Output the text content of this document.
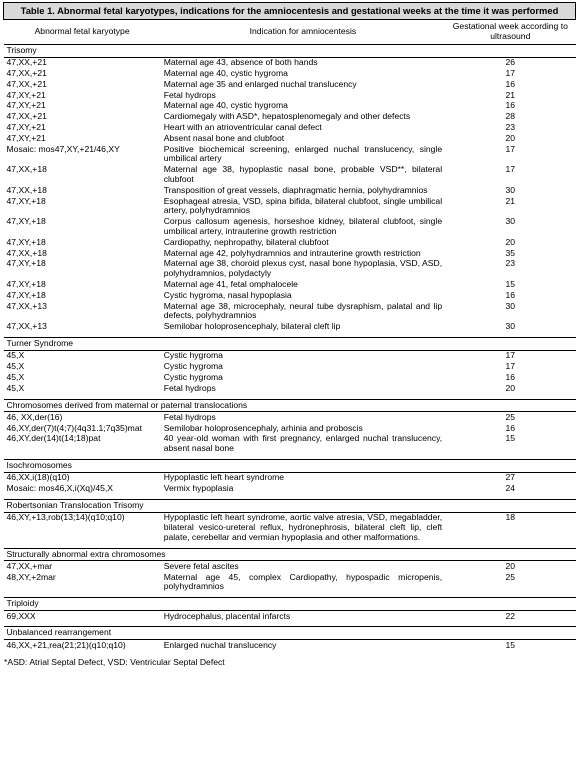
Table 1. Abnormal fetal karyotypes, indications for the amniocentesis and gestational weeks at the time it was performed		
Abnormal fetal karyotype	Indication for amniocentesis	Gestational week according to ultrasound
Trisomy		
47,XX,+21	Maternal age 43, absence of both hands	26
47,XX,+21	Maternal age 40, cystic hygroma	17
47,XX,+21	Maternal age 35 and enlarged nuchal translucency	16
47,XY,+21	Fetal hydrops	21
47,XY,+21	Maternal age 40, cystic hygroma	16
47,XX,+21	Cardiomegaly with ASD*, hepatosplenomegaly and other defects	28
47,XY,+21	Heart with an atrioventricular canal defect	23
47,XY,+21	Absent nasal bone and clubfoot	20
Mosaic: mos47,XY,+21/46,XY	Positive biochemical screening, enlarged nuchal translucency, single umbilical artery	17
47,XX,+18	Maternal age 38, hypoplastic nasal bone, probable VSD**, bilateral clubfoot	17
47,XX,+18	Transposition of great vessels, diaphragmatic hernia, polyhydramnios	30
47,XY,+18	Esophageal atresia, VSD, spina bifida, bilateral clubfoot, single umbilical artery, polyhydramnios	21
47,XY,+18	Corpus callosum agenesis, horseshoe kidney, bilateral clubfoot, single umbilical artery, intrauterine growth restriction	30
47,XY,+18	Cardiopathy, nephropathy, bilateral clubfoot	20
47,XX,+18	Maternal age 42, polyhydramnios and intrauterine growth restriction	35
47,XY,+18	Maternal age 38, choroid plexus cyst, nasal bone hypoplasia, VSD, ASD, polyhydramnios, polydactyly	23
47,XY,+18	Maternal age 41, fetal omphalocele	15
47,XY,+18	Cystic hygroma, nasal hypoplasia	16
47,XX,+13	Maternal age 38, microcephaly, neural tube dysraphism, palatal and lip defects, polyhydramnios	30
47,XX,+13	Semilobar holoprosencephaly, bilateral cleft lip	30
Turner Syndrome		
45,X	Cystic hygroma	17
45,X	Cystic hygroma	17
45,X	Cystic hygroma	16
45,X	Fetal hydrops	20
Chromosomes derived from maternal or paternal translocations		
46, XX,der(16)	Fetal hydrops	25
46,XY,der(7)t(4;7)(4q31.1;7q35)mat	Semilobar holoprosencephaly, arhinia and proboscis	16
46,XY,der(14)t(14;18)pat	40 year-old woman with first pregnancy, enlarged nuchal translucency, absent nasal bone	15
Isochromosomes		
46,XX,i(18)(q10)	Hypoplastic left heart syndrome	27
Mosaic: mos46,X,i(Xq)/45,X	Vermix hypoplasia	24
Robertsonian Translocation Trisomy		
46,XY,+13,rob(13;14)(q10;q10)	Hypoplastic left heart syndrome, aortic valve atresia, VSD, megabladder, bilateral vesico-ureteral reflux, hydronephrosis, bilateral cleft lip, cleft palate, cerebellar and vermian hypoplasia and other malformations.	18
Structurally abnormal extra chromosomes		
47,XX,+mar	Severe fetal ascites	20
48,XY,+2mar	Maternal age 45, complex Cardiopathy, hypospadic micropenis, polyhydramnios	25
Triploidy		
69,XXX	Hydrocephalus, placental infarcts	22
Unbalanced rearrangement		
46,XX,+21,rea(21;21)(q10;q10)	Enlarged nuchal translucency	15
*ASD: Atrial Septal Defect, VSD: Ventricular Septal Defect
